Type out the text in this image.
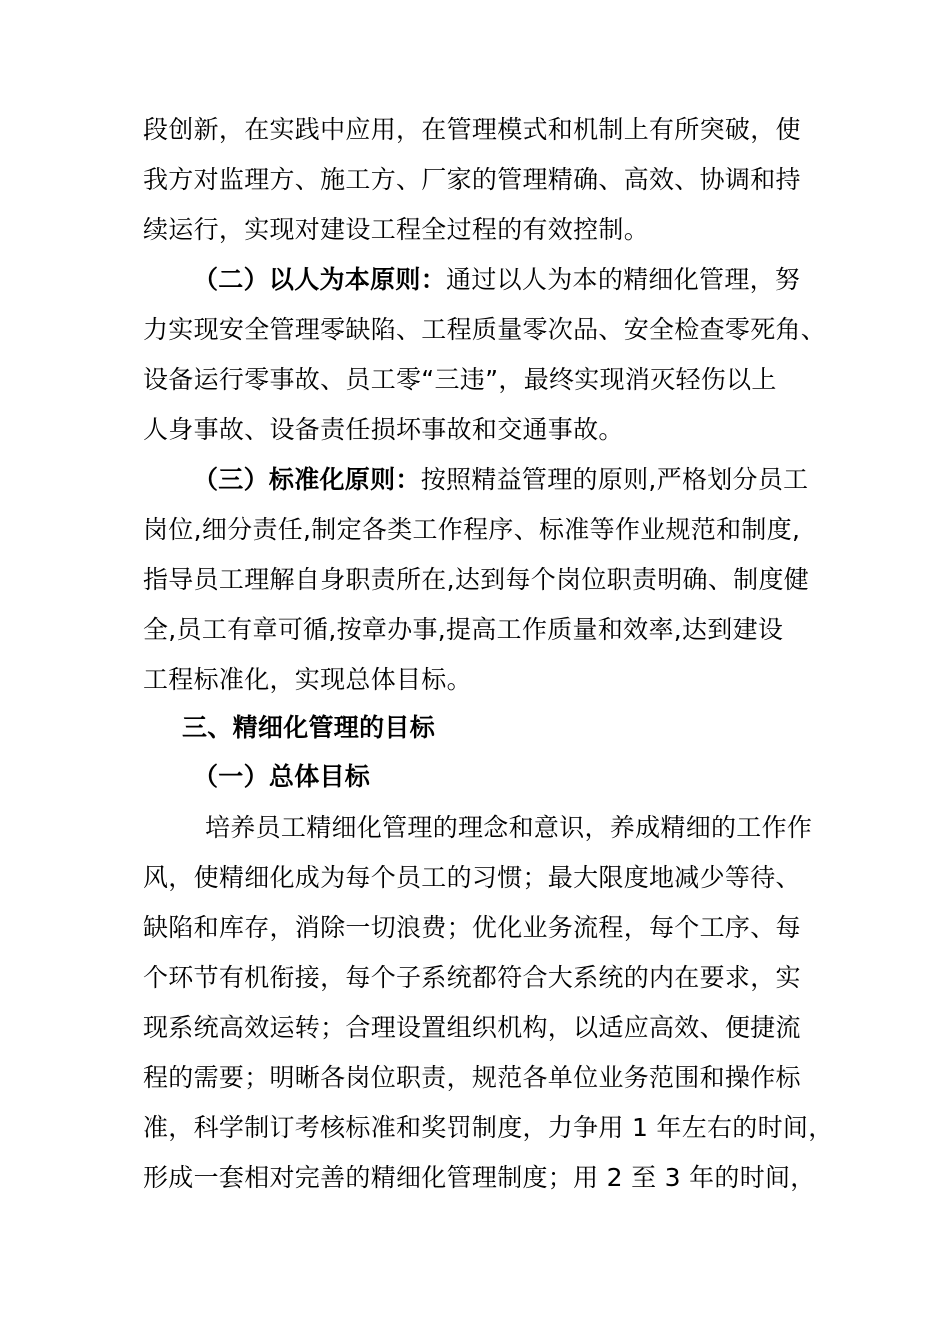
段创新，在实践中应用，在管理模式和机制上有所突破，使
我方对监理方、施工方、厂家的管理精确、高效、协调和持
续运行，实现对建设工程全过程的有效控制。
（二）以人为本原则：通过以人为本的精细化管理，努
力实现安全管理零缺陷、工程质量零次品、安全检查零死角、
设备运行零事故、员工零“三违”，最终实现消灭轻伤以上
人身事故、设备责任损坏事故和交通事故。
（三）标准化原则：按照精益管理的原则,严格划分员工
岗位,细分责任,制定各类工作程序、标准等作业规范和制度,
指导员工理解自身职责所在,达到每个岗位职责明确、制度健
全,员工有章可循,按章办事,提高工作质量和效率,达到建设
工程标准化，实现总体目标。
三、精细化管理的目标
（一）总体目标
培养员工精细化管理的理念和意识，养成精细的工作作
风，使精细化成为每个员工的习惯；最大限度地减少等待、
缺陷和库存，消除一切浪费；优化业务流程，每个工序、每
个环节有机衔接，每个子系统都符合大系统的内在要求，实
现系统高效运转；合理设置组织机构，以适应高效、便捷流
程的需要；明晰各岗位职责，规范各单位业务范围和操作标
准，科学制订考核标准和奖罚制度，力争用 1 年左右的时间，
形成一套相对完善的精细化管理制度；用 2 至 3 年的时间，
